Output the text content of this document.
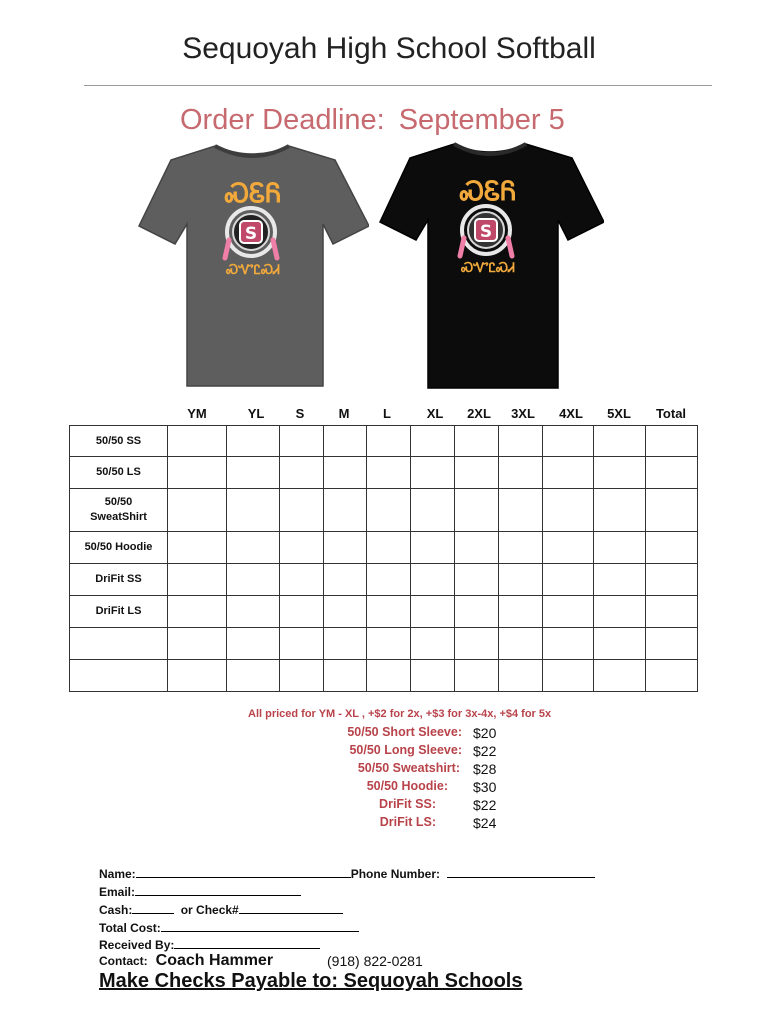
Sequoyah High School Softball
Order Deadline: September 5
ᏍᏋᏲ
S
ᏍᏉᏝᏍᏗ
ᏍᏋᏲ
S
ᏍᏉᏝᏍᏗ
YM	YL	S	M	L	XL	2XL	3XL	4XL	5XL	Total
50/50 SS											
50/50 LS											
50/50 SweatShirt											
50/50 Hoodie											
DriFit SS											
DriFit LS											

All priced for YM - XL , +$2 for 2x, +$3 for 3x-4x, +$4 for 5x
50/50 Short Sleeve: $20
50/50 Long Sleeve: $22
50/50 Sweatshirt: $28
50/50 Hoodie: $30
DriFit SS:	$22
DriFit LS:	$24
Name:	Phone Number:
Email:
Cash:	or Check#
Total Cost:
Received By:
Contact: Coach Hammer	(918) 822-0281
Make Checks Payable to: Sequoyah Schools
